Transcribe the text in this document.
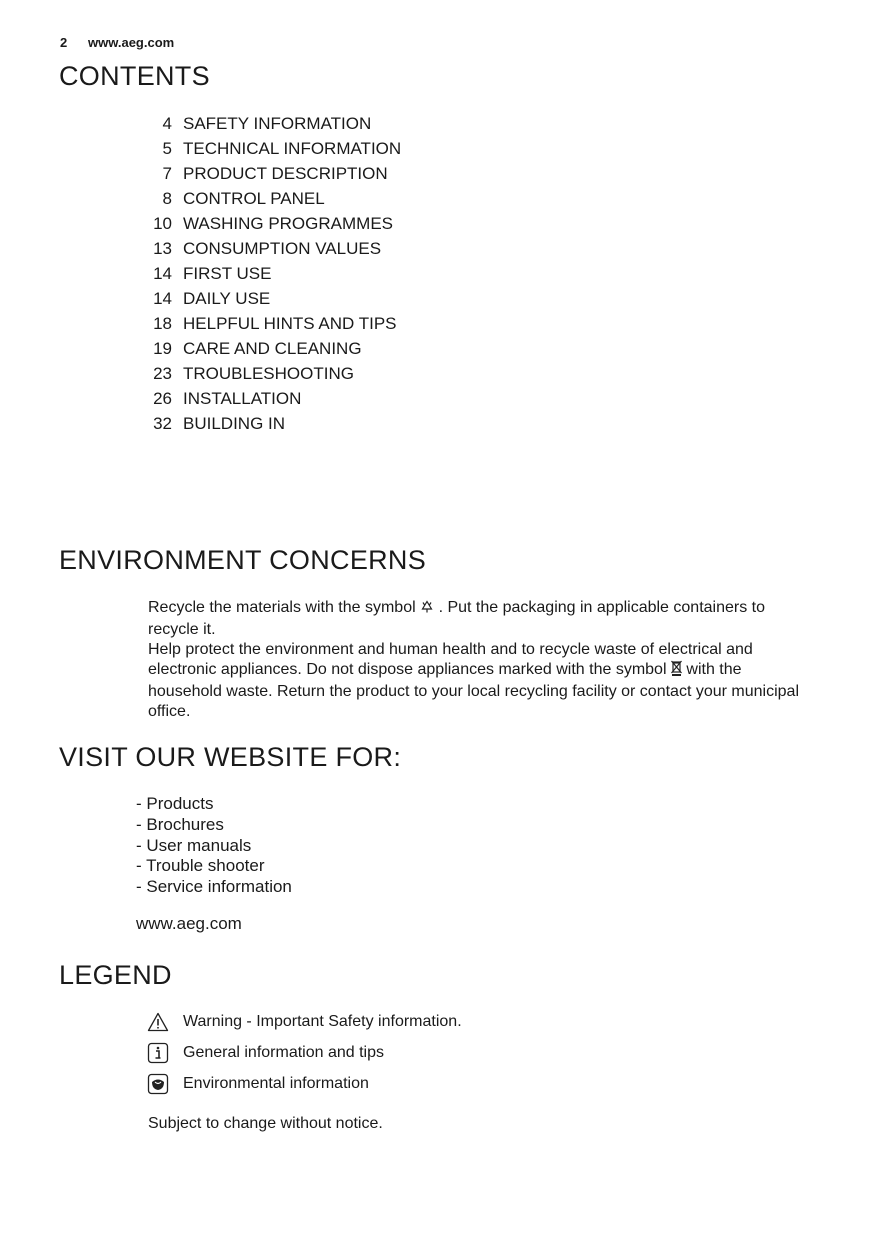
2 www.aeg.com
CONTENTS
4 SAFETY INFORMATION
5 TECHNICAL INFORMATION
7 PRODUCT DESCRIPTION
8 CONTROL PANEL
10 WASHING PROGRAMMES
13 CONSUMPTION VALUES
14 FIRST USE
14 DAILY USE
18 HELPFUL HINTS AND TIPS
19 CARE AND CLEANING
23 TROUBLESHOOTING
26 INSTALLATION
32 BUILDING IN
ENVIRONMENT CONCERNS

Recycle the materials with the symbol . Put the packaging in applicable containers to recycle it.

Help protect the environment and human health and to recycle waste of electrical and electronic appliances. Do not dispose appliances marked with the symbol with the household waste. Return the product to your local recycling facility or contact your municipal office.

VISIT OUR WEBSITE FOR:
- Products
- Brochures
- User manuals
- Trouble shooter
- Service information
www.aeg.com
LEGEND
Warning - Important Safety information.
General information and tips
Environmental information
Subject to change without notice.
